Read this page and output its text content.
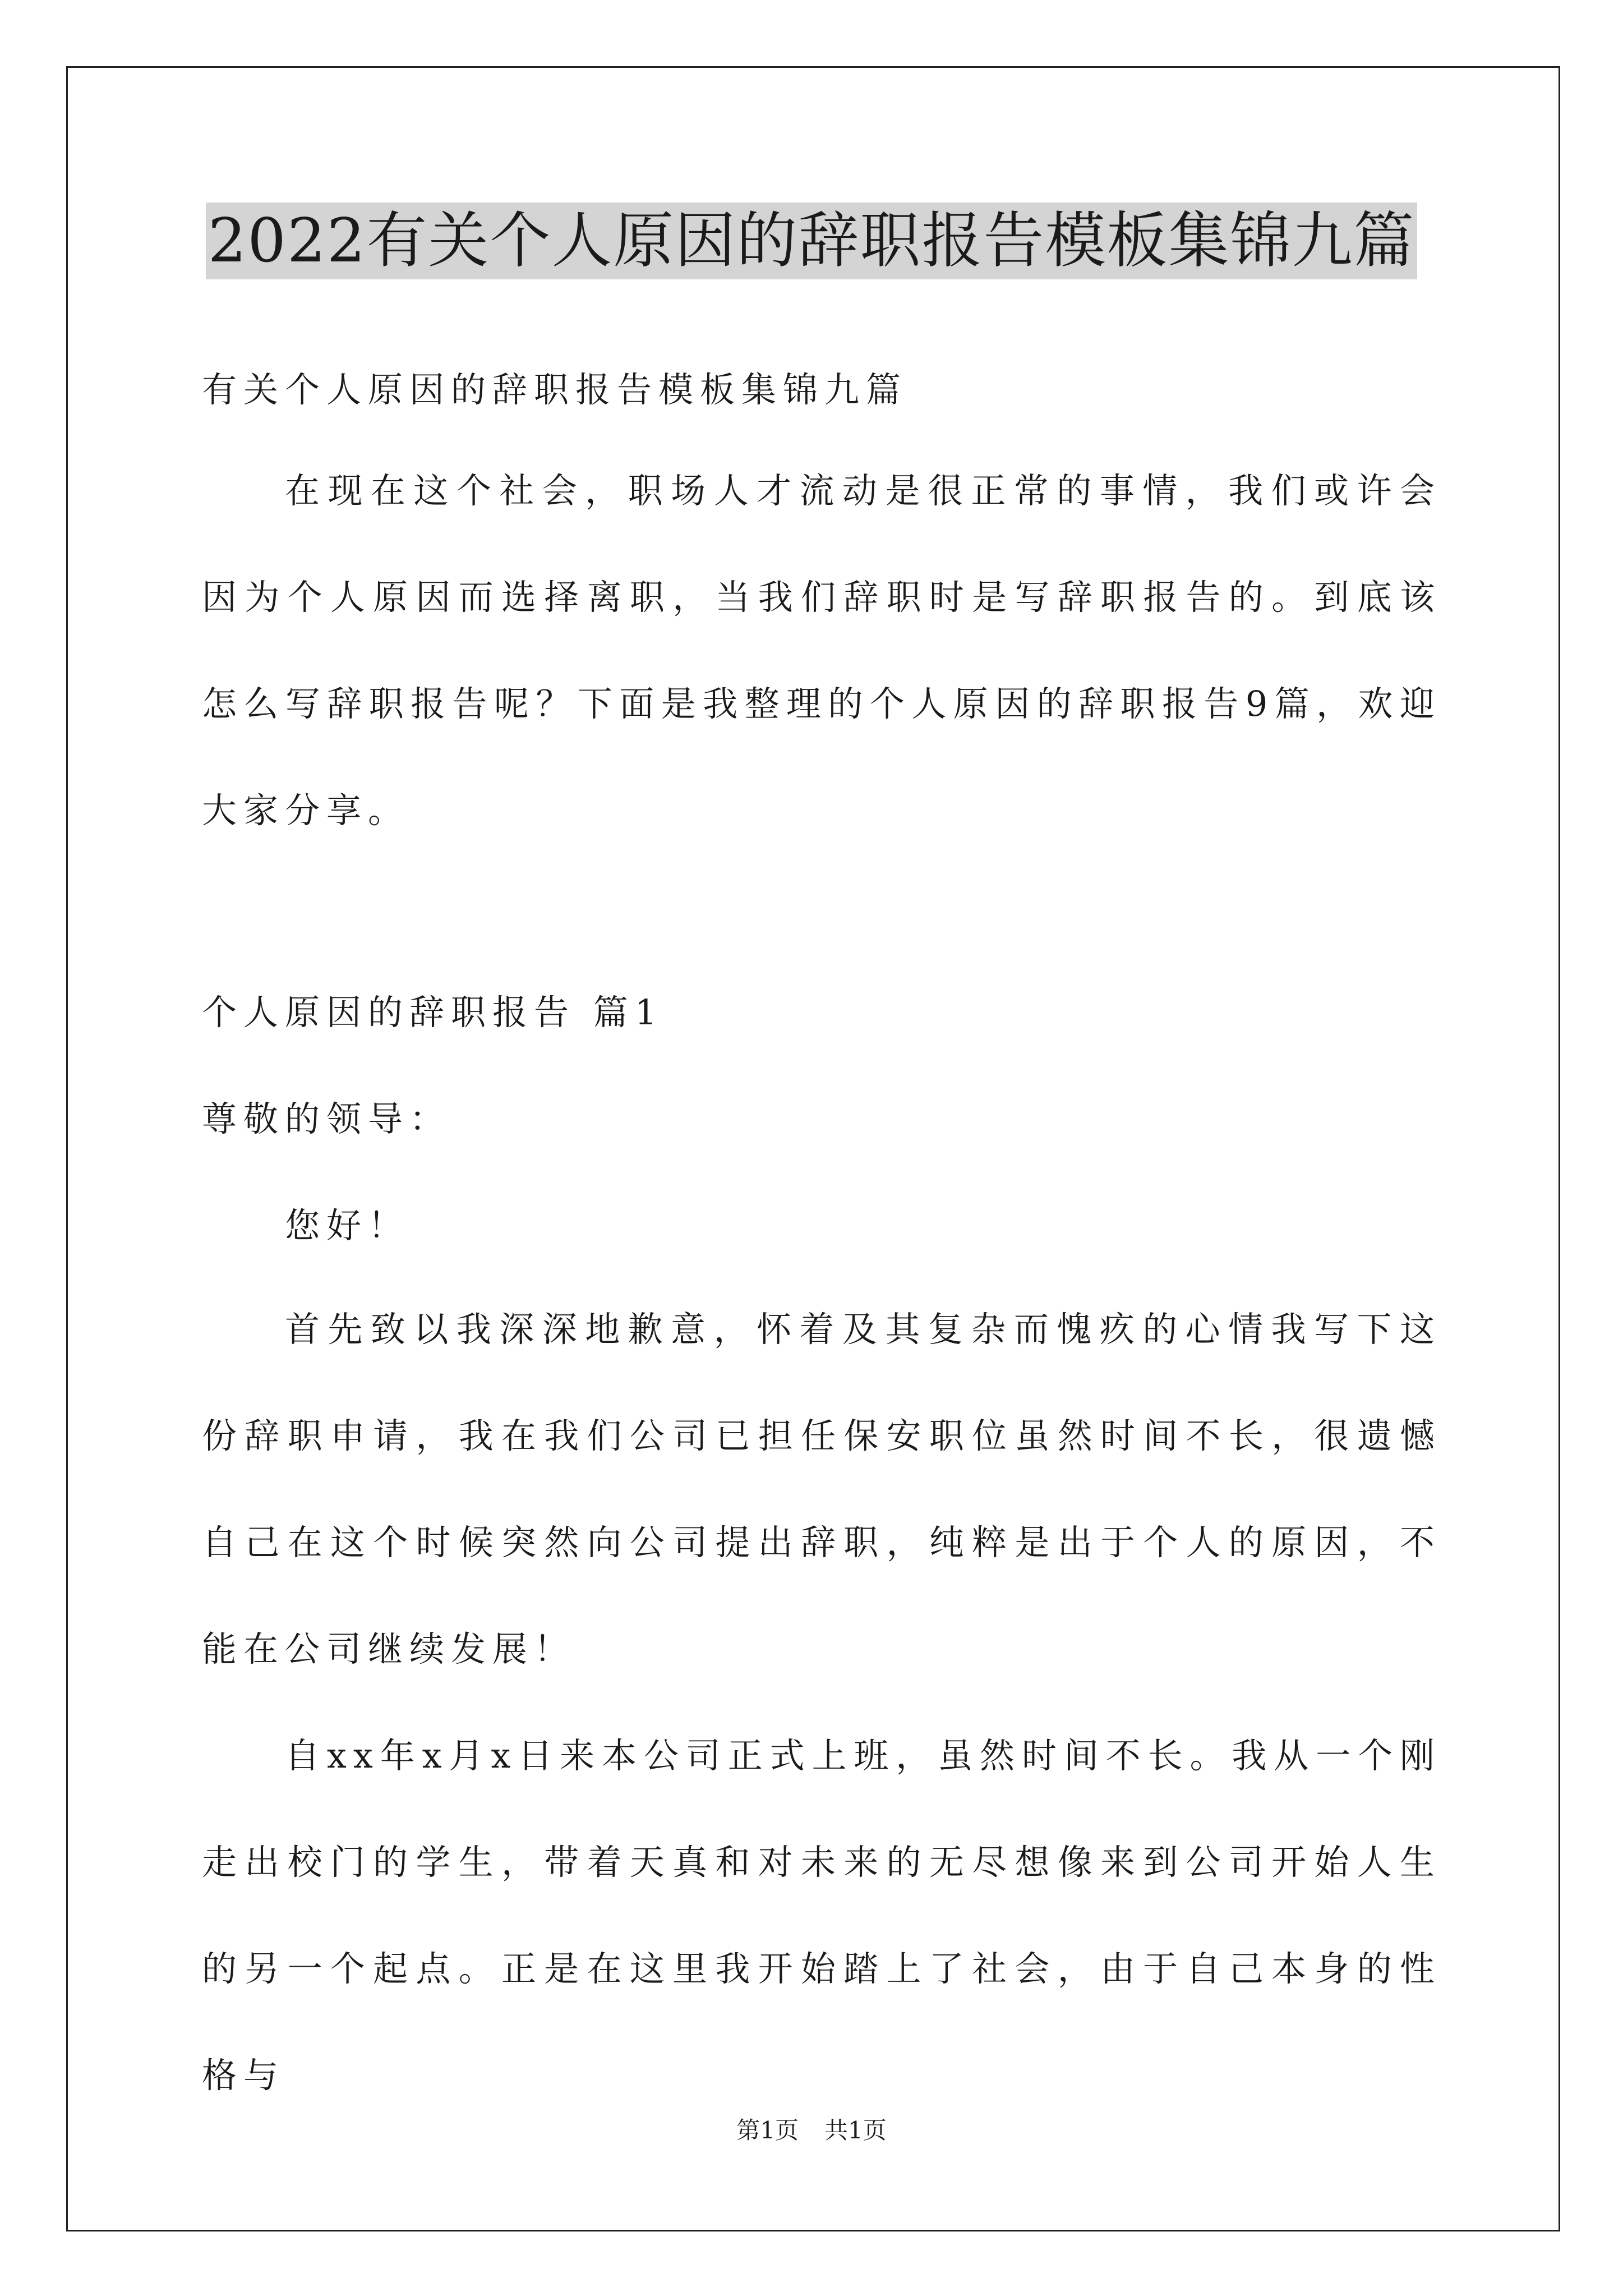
2022有关个人原因的辞职报告模板集锦九篇

有关个人原因的辞职报告模板集锦九篇

在现在这个社会，职场人才流动是很正常的事情，我们或许会因为个人原因而选择离职，当我们辞职时是写辞职报告的。到底该怎么写辞职报告呢？下面是我整理的个人原因的辞职报告9篇，欢迎大家分享。

个人原因的辞职报告 篇1

尊敬的领导：

您好！

首先致以我深深地歉意，怀着及其复杂而愧疚的心情我写下这份辞职申请，我在我们公司已担任保安职位虽然时间不长，很遗憾自己在这个时候突然向公司提出辞职，纯粹是出于个人的原因，不能在公司继续发展！

自xx年x月x日来本公司正式上班，虽然时间不长。我从一个刚走出校门的学生，带着天真和对未来的无尽想像来到公司开始人生的另一个起点。正是在这里我开始踏上了社会，由于自己本身的性格与

第1页 共1页
